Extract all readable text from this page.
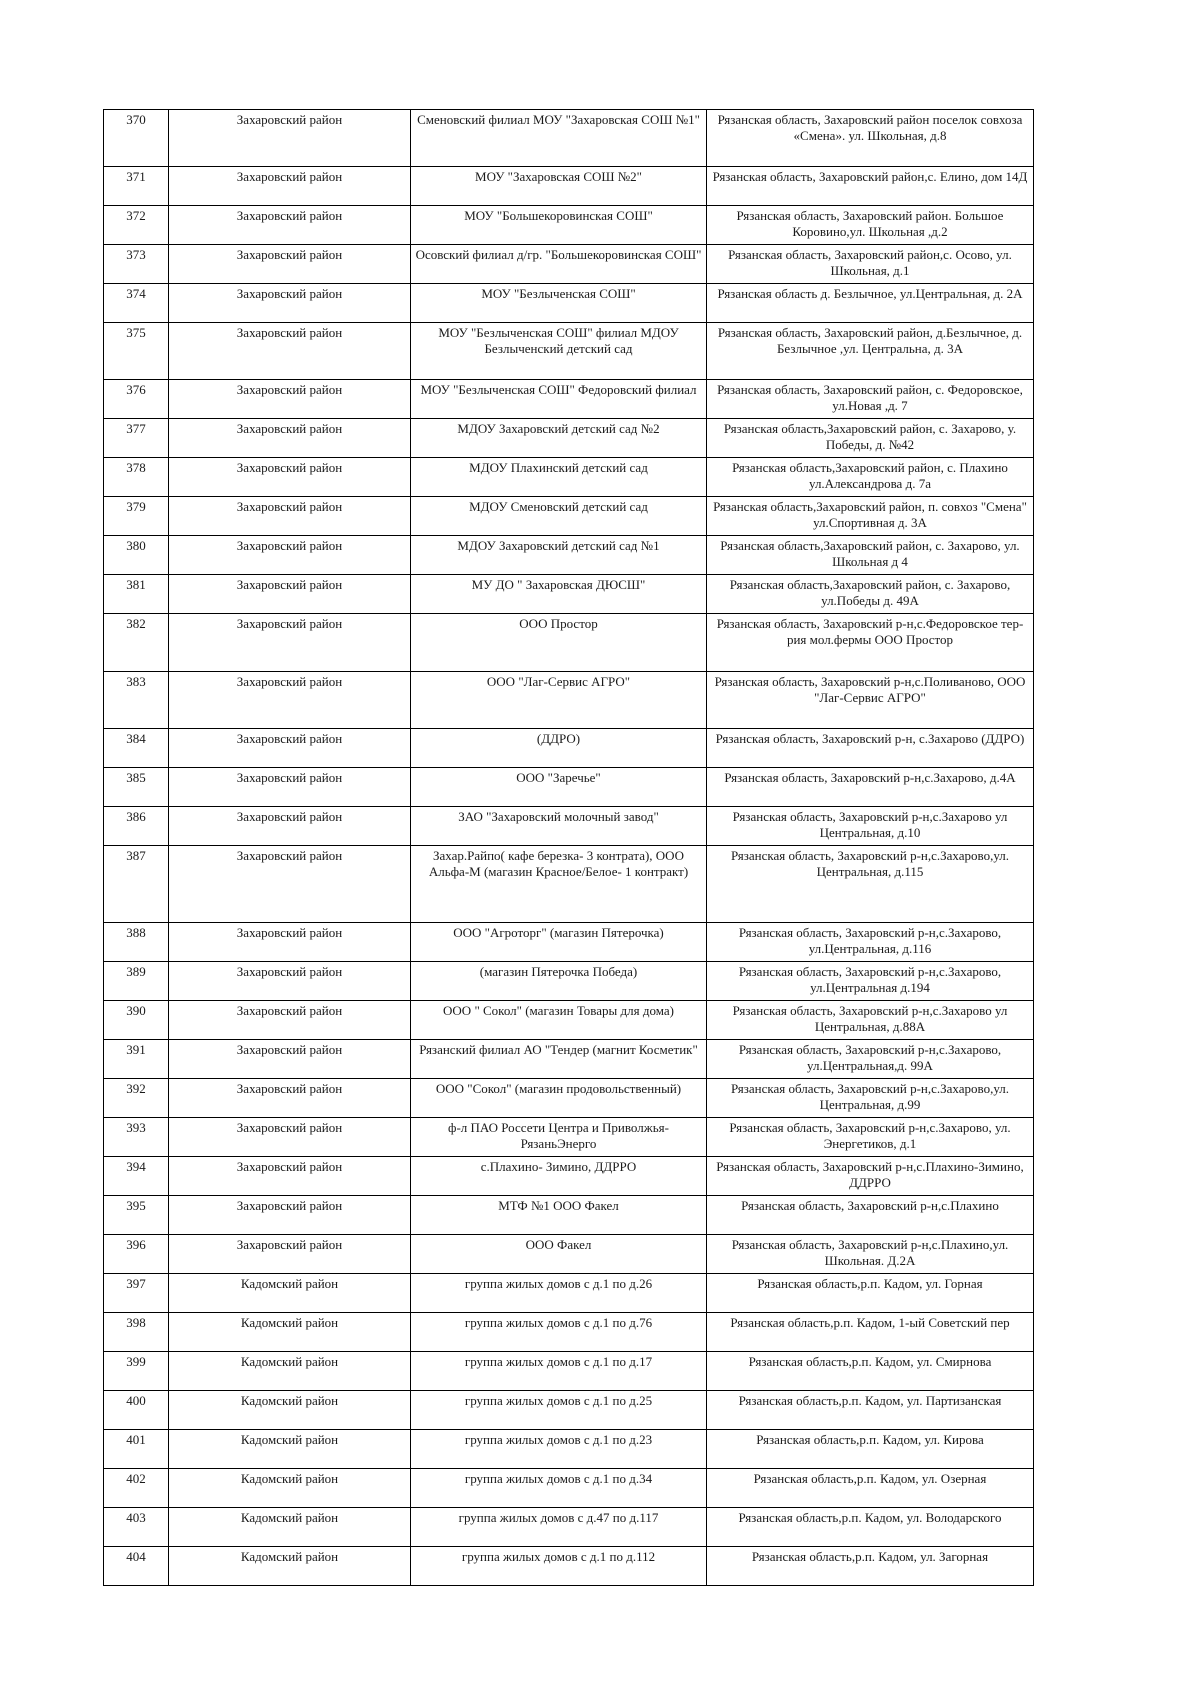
370	Захаровский район	Сменовский филиал МОУ "Захаровская СОШ №1"	Рязанская область, Захаровский район поселок совхоза «Смена». ул. Школьная, д.8
371	Захаровский район	МОУ "Захаровская СОШ №2"	Рязанская область, Захаровский район,с. Елино, дом 14Д
372	Захаровский район	МОУ "Большекоровинская СОШ"	Рязанская область, Захаровский район. Большое Коровино,ул. Школьная ,д.2
373	Захаровский район	Осовский филиал д/гр. "Большекоровинская СОШ"	Рязанская область, Захаровский район,с. Осово, ул. Школьная, д.1
374	Захаровский район	МОУ "Безлыченская СОШ"	Рязанская область д. Безлычное, ул.Центральная, д. 2А
375	Захаровский район	МОУ "Безлыченская СОШ" филиал МДОУ Безлыченский детский сад	Рязанская область, Захаровский район, д.Безлычное, д. Безлычное ,ул. Центральна, д. 3А
376	Захаровский район	МОУ "Безлыченская СОШ" Федоровский филиал	Рязанская область, Захаровский район, с. Федоровское, ул.Новая ,д. 7
377	Захаровский район	МДОУ Захаровский детский сад №2	Рязанская область,Захаровский район, с. Захарово, у. Победы, д. №42
378	Захаровский район	МДОУ Плахинский детский сад	Рязанская область,Захаровский район, с. Плахино ул.Александрова д. 7а
379	Захаровский район	МДОУ Сменовский детский сад	Рязанская область,Захаровский район, п. совхоз "Смена" ул.Спортивная д. 3А
380	Захаровский район	МДОУ Захаровский детский сад №1	Рязанская область,Захаровский район, с. Захарово, ул. Школьная д 4
381	Захаровский район	МУ ДО " Захаровская ДЮСШ"	Рязанская область,Захаровский район, с. Захарово, ул.Победы д. 49А
382	Захаровский район	ООО Простор	Рязанская область, Захаровский р-н,с.Федоровское тер-рия мол.фермы ООО Простор
383	Захаровский район	ООО "Лаг-Сервис АГРО"	Рязанская область, Захаровский р-н,с.Поливаново, ООО "Лаг-Сервис АГРО"
384	Захаровский район	(ДДРО)	Рязанская область, Захаровский р-н, с.Захарово (ДДРО)
385	Захаровский район	ООО "Заречье"	Рязанская область, Захаровский р-н,с.Захарово, д.4А
386	Захаровский район	ЗАО "Захаровский молочный завод"	Рязанская область, Захаровский р-н,с.Захарово ул Центральная, д.10
387	Захаровский район	Захар.Райпо( кафе березка- 3 контрата), ООО Альфа-М (магазин Красное/Белое- 1 контракт)	Рязанская область, Захаровский р-н,с.Захарово,ул. Центральная, д.115
388	Захаровский район	ООО "Агроторг" (магазин Пятерочка)	Рязанская область, Захаровский р-н,с.Захарово, ул.Центральная, д.116
389	Захаровский район	(магазин Пятерочка Победа)	Рязанская область, Захаровский р-н,с.Захарово, ул.Центральная д.194
390	Захаровский район	ООО " Сокол" (магазин Товары для дома)	Рязанская область, Захаровский р-н,с.Захарово ул Центральная, д.88А
391	Захаровский район	Рязанский филиал АО "Тендер (магнит Косметик"	Рязанская область, Захаровский р-н,с.Захарово, ул.Центральная,д. 99А
392	Захаровский район	ООО "Сокол" (магазин продовольственный)	Рязанская область, Захаровский р-н,с.Захарово,ул. Центральная, д.99
393	Захаровский район	ф-л ПАО Россети Центра и Приволжья-РязаньЭнерго	Рязанская область, Захаровский р-н,с.Захарово, ул. Энергетиков, д.1
394	Захаровский район	с.Плахино- Зимино, ДДРРО	Рязанская область, Захаровский р-н,с.Плахино-Зимино, ДДРРО
395	Захаровский район	МТФ №1 ООО Факел	Рязанская область, Захаровский р-н,с.Плахино
396	Захаровский район	ООО Факел	Рязанская область, Захаровский р-н,с.Плахино,ул. Школьная. Д.2А
397	Кадомский район	группа жилых домов с д.1 по д.26	Рязанская область,р.п. Кадом, ул. Горная
398	Кадомский район	группа жилых домов с д.1 по д.76	Рязанская область,р.п. Кадом, 1-ый Советский пер
399	Кадомский район	группа жилых домов с д.1 по д.17	Рязанская область,р.п. Кадом, ул. Смирнова
400	Кадомский район	группа жилых домов с д.1 по д.25	Рязанская область,р.п. Кадом, ул. Партизанская
401	Кадомский район	группа жилых домов с д.1 по д.23	Рязанская область,р.п. Кадом, ул. Кирова
402	Кадомский район	группа жилых домов с д.1 по д.34	Рязанская область,р.п. Кадом, ул. Озерная
403	Кадомский район	группа жилых домов с д.47 по д.117	Рязанская область,р.п. Кадом, ул. Володарского
404	Кадомский район	группа жилых домов с д.1 по д.112	Рязанская область,р.п. Кадом, ул. Загорная
